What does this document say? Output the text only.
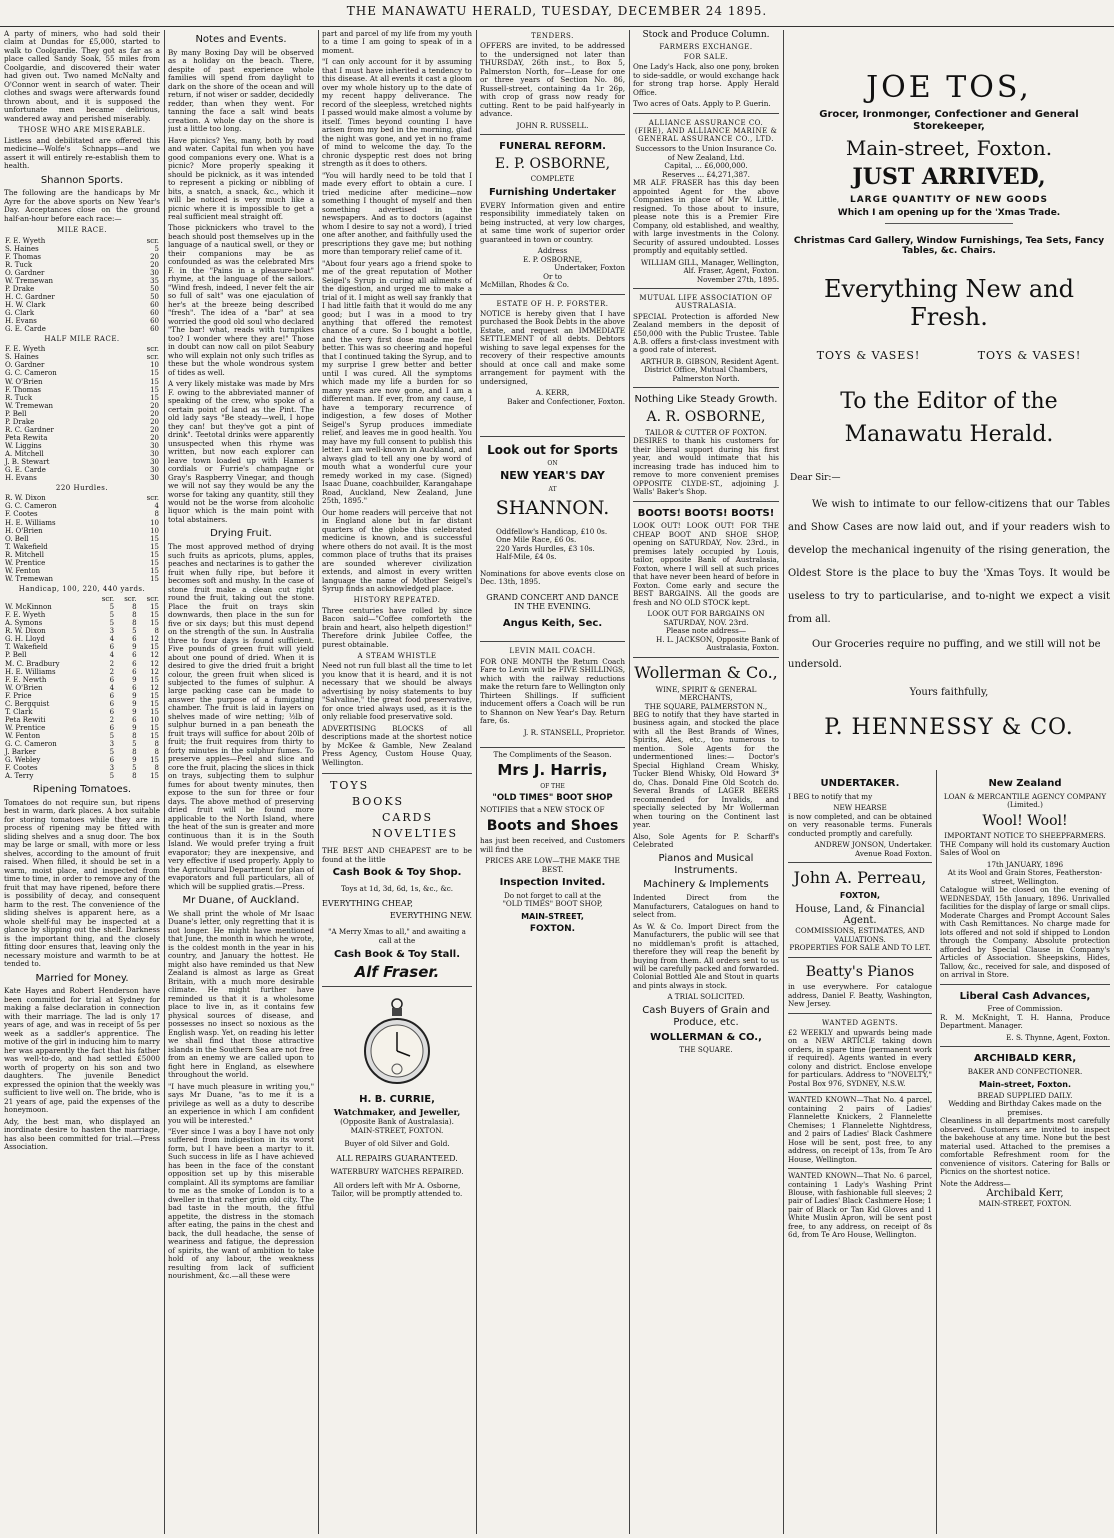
THE MANAWATU HERALD, TUESDAY, DECEMBER 24 1895.

A party of miners, who had sold their claim at Dundas for £5,000, started to walk to Coolgardie. They got as far as a place called Sandy Soak, 55 miles from Coolgardie, and discovered their water had given out. Two named McNalty and O'Connor went in search of water. Their clothes and swags were afterwards found thrown about, and it is supposed the unfortunate men became delirious, wandered away and perished miserably.

THOSE WHO ARE MISERABLE.

Listless and debilitated are offered this medicine—Wolfe's Schnapps—and we assert it will entirely re-establish them to health.

Shannon Sports.

The following are the handicaps by Mr Ayre for the above sports on New Year's Day. Acceptances close on the ground half-an-hour before each race:—

MILE RACE.
F. E. Wyeth	scr.
S. Haines	5
F. Thomas	20
R. Tuck	20
O. Gardner	30
W. Tremewan	35
P. Drake	50
H. C. Gardner	50
H. W. Clark	60
G. Clark	60
H. Evans	60
G. E. Carde	60
HALF MILE RACE.
F. E. Wyeth	scr.
S. Haines	scr.
O. Gardner	10
G. C. Cameron	15
W. O'Brien	15
F. Thomas	15
R. Tuck	15
W. Tremewan	20
P. Bell	20
P. Drake	20
R. C. Gardner	20
Peta Rewita	20
W. Liggins	30
A. Mitchell	30
J. B. Stewart	30
G. E. Carde	30
H. Evans	30
220 Hurdles.
R. W. Dixon	scr.
G. C. Cameron	4
F. Cootes	8
H. E. Williams	10
H. O'Brien	10
O. Bell	15
T. Wakefield	15
R. Mitchell	15
W. Prentice	15
W. Fenton	15
W. Tremewan	15
Handicap, 100, 220, 440 yards.
	scr.	scr.	scr.
W. McKinnon	5	8	15
F. E. Wyeth	5	8	15
A. Symons	5	8	15
R. W. Dixon	3	5	8
G. H. Lloyd	4	6	12
T. Wakefield	6	9	15
P. Bell	4	6	12
M. C. Bradbury	2	6	12
H. E. Williams	2	6	12
F. E. Newth	6	9	15
W. O'Brien	4	6	12
F. Price	6	9	15
C. Bergquist	6	9	15
T. Clark	6	9	15
Peta Rewiti	2	6	10
W. Prentice	6	9	15
W. Fenton	5	8	15
G. C. Cameron	3	5	8
J. Barker	5	8	8
G. Webley	6	9	15
F. Cootes	3	5	8
A. Terry	5	8	15
Ripening Tomatoes.

Tomatoes do not require sun, but ripens best in warm, dark places. A box suitable for storing tomatoes while they are in process of ripening may be fitted with sliding shelves and a snug door. The box may be large or small, with more or less shelves, according to the amount of fruit raised. When filled, it should be set in a warm, moist place, and inspected from time to time, in order to remove any of the fruit that may have ripened, before there is possibility of decay, and consequent harm to the rest. The convenience of the sliding shelves is apparent here, as a whole shelf-ful may be inspected at a glance by slipping out the shelf. Darkness is the important thing, and the closely fitting door ensures that, leaving only the necessary moisture and warmth to be at tended to.

Married for Money.

Kate Hayes and Robert Henderson have been committed for trial at Sydney for making a false declaration in connection with their marriage. The lad is only 17 years of age, and was in receipt of 5s per week as a saddler's apprentice. The motive of the girl in inducing him to marry her was apparently the fact that his father was well-to-do, and had settled £5000 worth of property on his son and two daughters. The juvenile Benedict expressed the opinion that the weekly was sufficient to live well on. The bride, who is 21 years of age, paid the expenses of the honeymoon.

Ady, the best man, who displayed an inordinate desire to hasten the marriage, has also been committed for trial.—Press Association.

Notes and Events.

By many Boxing Day will be observed as a holiday on the beach. There, despite of past experience whole families will spend from daylight to dark on the shore of the ocean and will return, if not wiser or sadder, decidedly redder, than when they went. For tanning the face a salt wind beats creation. A whole day on the shore is just a little too long.

Have picnics? Yes, many, both by road and water. Capital fun when you have good companions every one. What is a picnic? More properly speaking it should be picknick, as it was intended to represent a picking or nibbling of bits, a snatch, a snack, &c., which it will be noticed is very much like a picnic where it is impossible to get a real sufficient meal straight off.

Those picknickers who travel to the beach should post themselves up in the language of a nautical swell, or they or their companions may be as confounded as was the celebrated Mrs F. in the "Pains in a pleasure-boat" rhyme, at the language of the sailors. "Wind fresh, indeed, I never felt the air so full of salt" was one ejaculation of her's at the breeze being described "fresh". The idea of a "bar" at sea worried the good old soul who declared "The bar! what, reads with turnpikes too? I wonder where they are!" Those in doubt can now call on pilot Seabury who will explain not only such trifles as these but the whole wondrous system of tides as well.

A very likely mistake was made by Mrs F. owing to the abbreviated manner of speaking of the crew, who spoke of a certain point of land as the Pint. The old lady says "Be steady—well, I hope they can! but they've got a pint of drink". Teetotal drinks were apparently unsuspected when this rhyme was written, but now each explorer can leave town loaded up with Hamer's cordials or Furrie's champagne or Gray's Raspberry Vinegar, and though we will not say they would be any the worse for taking any quantity, still they would not be the worse from alcoholic liquor which is the main point with total abstainers.

Drying Fruit.

The most approved method of drying such fruits as apricots, plums, apples, peaches and nectarines is to gather the fruit when fully ripe, but before it becomes soft and mushy. In the case of stone fruit make a clean cut right round the fruit, taking out the stone. Place the fruit on trays skin downwards, then place in the sun for five or six days; but this must depend on the strength of the sun. In Australia three to four days is found sufficient. Five pounds of green fruit will yield about one pound of dried. When it is desired to give the dried fruit a bright colour, the green fruit when sliced is subjected to the fumes of sulphur. A large packing case can be made to answer the purpose of a fumigating chamber. The fruit is laid in layers on shelves made of wire netting; ½lb of sulphur burned in a pan beneath the fruit trays will suffice for about 20lb of fruit; the fruit requires from thirty to forty minutes in the sulphur fumes. To preserve apples—Peel and slice and core the fruit, placing the slices in thick on trays, subjecting them to sulphur fumes for about twenty minutes, then expose to the sun for three or four days. The above method of preserving dried fruit will be found more applicable to the North Island, where the heat of the sun is greater and more continuous than it is in the South Island. We would prefer trying a fruit evaporator; they are inexpensive, and very effective if used properly. Apply to the Agricultural Department for plan of evaporators and full particulars, all of which will be supplied gratis.—Press.

Mr Duane, of Auckland.

We shall print the whole of Mr Isaac Duane's letter, only regretting that it is not longer. He might have mentioned that June, the month in which he wrote, is the coldest month in the year in his country, and January the hottest. He might also have reminded us that New Zealand is almost as large as Great Britain, with a much more desirable climate. He might further have reminded us that it is a wholesome place to live in, as it contains few physical sources of disease, and possesses no insect so noxious as the English wasp. Yet, on reading his letter we shall find that those attractive islands in the Southern Sea are not free from an enemy we are called upon to fight here in England, as elsewhere throughout the world.

"I have much pleasure in writing you," says Mr Duane, "as to me it is a privilege as well as a duty to describe an experience in which I am confident you will be interested."

"Ever since I was a boy I have not only suffered from indigestion in its worst form, but I have been a martyr to it. Such success in life as I have achieved has been in the face of the constant opposition set up by this miserable complaint. All its symptoms are familiar to me as the smoke of London is to a dweller in that rather grim old city. The bad taste in the mouth, the fitful appetite, the distress in the stomach after eating, the pains in the chest and back, the dull headache, the sense of weariness and fatigue, the depression of spirits, the want of ambition to take hold of any labour, the weakness resulting from lack of sufficient nourishment, &c.—all these were

part and parcel of my life from my youth to a time I am going to speak of in a moment.

"I can only account for it by assuming that I must have inherited a tendency to this disease. At all events it cast a gloom over my whole history up to the date of my recent happy deliverance. The record of the sleepless, wretched nights I passed would make almost a volume by itself. Times beyond counting I have arisen from my bed in the morning, glad the night was gone, and yet in no frame of mind to welcome the day. To the chronic dyspeptic rest does not bring strength as it does to others.

"You will hardly need to be told that I made every effort to obtain a cure. I tried medicine after medicine—now something I thought of myself and then something advertised in the newspapers. And as to doctors (against whom I desire to say not a word), I tried one after another, and faithfully used the prescriptions they gave me; but nothing more than temporary relief came of it.

"About four years ago a friend spoke to me of the great reputation of Mother Seigel's Syrup in curing all ailments of the digestion, and urged me to make a trial of it. I might as well say frankly that I had little faith that it would do me any good; but I was in a mood to try anything that offered the remotest chance of a cure. So I bought a bottle, and the very first dose made me feel better. This was so cheering and hopeful that I continued taking the Syrup, and to my surprise I grew better and better until I was cured. All the symptoms which made my life a burden for so many years are now gone, and I am a different man. If ever, from any cause, I have a temporary recurrence of indigestion, a few doses of Mother Seigel's Syrup produces immediate relief, and leaves me in good health. You may have my full consent to publish this letter. I am well-known in Auckland, and always glad to tell any one by word of mouth what a wonderful cure your remedy worked in my case. (Signed) Isaac Duane, coachbuilder, Karangahape Road, Auckland, New Zealand, June 25th, 1895."

Our home readers will perceive that not in England alone but in far distant quarters of the globe this celebrated medicine is known, and is successful where others do not avail. It is the most common place of truths that its praises are sounded wherever civilization extends, and almost in every written language the name of Mother Seigel's Syrup finds an acknowledged place.

HISTORY REPEATED.

Three centuries have rolled by since Bacon said—"Coffee comforteth the brain and heart, also helpeth digestion!" Therefore drink Jubilee Coffee, the purest obtainable.

A STEAM WHISTLE

Need not run full blast all the time to let you know that it is heard, and it is not necessary that we should be always advertising by noisy statements to buy "Salvaline," the great food preservative, for once tried always used, as it is the only reliable food preservative sold.

ADVERTISING BLOCKS of all descriptions made at the shortest notice by McKee & Gamble, New Zealand Press Agency, Custom House Quay, Wellington.

TOYS
BOOKS
CARDS
NOVELTIES

THE BEST AND CHEAPEST are to be found at the little

Cash Book & Toy Shop.
Toys at 1d, 3d, 6d, 1s, &c., &c.
EVERYTHING CHEAP,
EVERYTHING NEW.
"A Merry Xmas to all," and awaiting a call at the
Cash Book & Toy Stall.
Alf Fraser.
H. B. CURRIE,
Watchmaker, and Jeweller,
(Opposite Bank of Australasia).
MAIN-STREET, FOXTON.
Buyer of old Silver and Gold.
ALL REPAIRS GUARANTEED.
WATERBURY WATCHES REPAIRED.
All orders left with Mr A. Osborne, Tailor, will be promptly attended to.
TENDERS.

OFFERS are invited, to be addressed to the undersigned not later than THURSDAY, 26th inst., to Box 5, Palmerston North, for—Lease for one or three years of Section No. 86, Russell-street, containing 4a 1r 26p, with crop of grass now ready for cutting. Rent to be paid half-yearly in advance.

JOHN R. RUSSELL.
FUNERAL REFORM.
E. P. OSBORNE,
COMPLETE
Furnishing Undertaker

EVERY Information given and entire responsibility immediately taken on being instructed, at very low charges, at same time work of superior order guaranteed in town or country.

Address
E. P. OSBORNE,
Undertaker, Foxton
Or to
McMillan, Rhodes & Co.
ESTATE OF H. P. FORSTER.

NOTICE is hereby given that I have purchased the Book Debts in the above Estate, and request an IMMEDIATE SETTLEMENT of all debts. Debtors wishing to save legal expenses for the recovery of their respective amounts should at once call and make some arrangement for payment with the undersigned,

A. KERR,
Baker and Confectioner, Foxton.
Look out for Sports
ON
NEW YEAR'S DAY
AT
SHANNON.
Oddfellow's Handicap, £10 0s.
One Mile Race, £6 0s.
220 Yards Hurdles, £3 10s.
Half-Mile, £4 0s.

Nominations for above events close on Dec. 13th, 1895.

GRAND CONCERT AND DANCE IN THE EVENING.
Angus Keith, Sec.
LEVIN MAIL COACH.

FOR ONE MONTH the Return Coach Fare to Levin will be FIVE SHILLINGS, which with the railway reductions make the return fare to Wellington only Thirteen Shillings. If sufficient inducement offers a Coach will be run to Shannon on New Year's Day. Return fare, 6s.

J. R. STANSELL, Proprietor.
The Compliments of the Season.
Mrs J. Harris,
OF THE
"OLD TIMES" BOOT SHOP

NOTIFIES that a NEW STOCK OF

Boots and Shoes

has just been received, and Customers will find the

PRICES ARE LOW—THE MAKE THE BEST.
Inspection Invited.
Do not forget to call at the
"OLD TIMES" BOOT SHOP,
MAIN-STREET,
FOXTON.
Stock and Produce Column.
FARMERS EXCHANGE.
FOR SALE.

One Lady's Hack, also one pony, broken to side-saddle, or would exchange hack for strong trap horse. Apply Herald Office.

Two acres of Oats. Apply to P. Guerin.

ALLIANCE ASSURANCE CO. (FIRE), AND ALLIANCE MARINE & GENERAL ASSURANCE CO., LTD.
Successors to the Union Insurance Co. of New Zealand, Ltd.
Capital, ... £6,000,000.
Reserves ... £4,271,387.

MR ALF. FRASER has this day been appointed Agent for the above Companies in place of Mr W. Little, resigned. To those about to insure, please note this is a Premier Fire Company, old established, and wealthy, with large investments in the Colony. Security of assured undoubted. Losses promptly and equitably settled.

WILLIAM GILL, Manager, Wellington,
Alf. Fraser, Agent, Foxton.
November 27th, 1895.
MUTUAL LIFE ASSOCIATION OF AUSTRALASIA.

SPECIAL Protection is afforded New Zealand members in the deposit of £50,000 with the Public Trustee. Table A.B. offers a first-class investment with a good rate of interest.

ARTHUR B. GIBSON, Resident Agent.
District Office, Mutual Chambers, Palmerston North.
Nothing Like Steady Growth.
A. R. OSBORNE,
TAILOR & CUTTER OF FOXTON.

DESIRES to thank his customers for their liberal support during his first year, and would intimate that his increasing trade has induced him to remove to more convenient premises OPPOSITE CLYDE-ST., adjoining J. Walls' Baker's Shop.

BOOTS! BOOTS! BOOTS!

LOOK OUT! LOOK OUT! FOR THE CHEAP BOOT AND SHOE SHOP, opening on SATURDAY, Nov. 23rd., in premises lately occupied by Louis, tailor, opposite Bank of Australasia, Foxton, where I will sell at such prices that have never been heard of before in Foxton. Come early and secure the BEST BARGAINS. All the goods are fresh and NO OLD STOCK kept.

LOOK OUT FOR BARGAINS ON SATURDAY, NOV. 23rd.
Please note address—
H. L. JACKSON, Opposite Bank of Australasia, Foxton.
Wollerman & Co.,
WINE, SPIRIT & GENERAL MERCHANTS,
THE SQUARE, PALMERSTON N.,

BEG to notify that they have started in business again, and stocked the place with all the Best Brands of Wines, Spirits, Ales, etc., too numerous to mention. Sole Agents for the undermentioned lines:— Doctor's Special Highland Cream Whisky, Tucker Blend Whisky, Old Howard 3* do, Chas. Donald Fine Old Scotch do. Several Brands of LAGER BEERS recommended for Invalids, and specially selected by Mr Wollerman when touring on the Continent last year.

Also, Sole Agents for P. Scharff's Celebrated

Pianos and Musical Instruments.
Machinery & Implements

Indented Direct from the Manufacturers, Catalogues on hand to select from.

As W. & Co. Import Direct from the Manufacturers, the public will see that no middleman's profit is attached, therefore they will reap the benefit by buying from them. All orders sent to us will be carefully packed and forwarded. Colonial Bottled Ale and Stout in quarts and pints always in stock.

A TRIAL SOLICITED.
Cash Buyers of Grain and Produce, etc.
WOLLERMAN & CO.,
THE SQUARE.
JOE TOS,
Grocer, Ironmonger, Confectioner and General Storekeeper,
Main-street, Foxton.
JUST ARRIVED,
LARGE QUANTITY OF NEW GOODS
Which I am opening up for the 'Xmas Trade.
Christmas Card Gallery, Window Furnishings, Tea Sets, Fancy Tables, &c. Chairs.
Everything New and Fresh.
TOYS & VASES!	TOYS & VASES!
To the Editor of the Manawatu Herald.
Dear Sir:—
We wish to intimate to our fellow-citizens that our Tables and Show Cases are now laid out, and if your readers wish to develop the mechanical ingenuity of the rising generation, the Oldest Store is the place to buy the 'Xmas Toys. It would be useless to try to particularise, and to-night we expect a visit from all.
Our Groceries require no puffing, and we still will not be undersold.
Yours faithfully,
P. HENNESSY & CO.
UNDERTAKER.

I BEG to notify that my

NEW HEARSE

is now completed, and can be obtained on very reasonable terms. Funerals conducted promptly and carefully.

ANDREW JONSON, Undertaker. Avenue Road Foxton.
John A. Perreau,
FOXTON,
House, Land, & Financial Agent.
COMMISSIONS, ESTIMATES, AND VALUATIONS.
PROPERTIES FOR SALE AND TO LET.
Beatty's Pianos

in use everywhere. For catalogue address, Daniel F. Beatty, Washington, New Jersey.

WANTED AGENTS.

£2 WEEKLY and upwards being made on a NEW ARTICLE taking down orders, in spare time (permanent work if required). Agents wanted in every colony and district. Enclose envelope for particulars. Address to "NOVELTY," Postal Box 976, SYDNEY, N.S.W.

WANTED KNOWN—That No. 4 parcel, containing 2 pairs of Ladies' Flannelette Knickers, 2 Flannelette Chemises; 1 Flannelette Nightdress, and 2 pairs of Ladies' Black Cashmere Hose will be sent, post free, to any address, on receipt of 13s, from Te Aro House, Wellington.

WANTED KNOWN—That No. 6 parcel, containing 1 Lady's Washing Print Blouse, with fashionable full sleeves; 2 pair of Ladies' Black Cashmere Hose; 1 pair of Black or Tan Kid Gloves and 1 White Muslin Apron, will be sent post free, to any address, on receipt of 8s 6d, from Te Aro House, Wellington.

New Zealand
LOAN & MERCANTILE AGENCY COMPANY (Limited.)
Wool! Wool!
IMPORTANT NOTICE TO SHEEPFARMERS.

THE Company will hold its customary Auction Sales of Wool on

17th JANUARY, 1896
At its Wool and Grain Stores, Featherston-street, Wellington.

Catalogue will be closed on the evening of WEDNESDAY, 15th January, 1896. Unrivalled facilities for the display of large or small clips. Moderate Charges and Prompt Account Sales with Cash Remittances. No charge made for lots offered and not sold if shipped to London through the Company. Absolute protection afforded by Special Clause in Company's Articles of Association. Sheepskins, Hides, Tallow, &c., received for sale, and disposed of on arrival in Store.

Liberal Cash Advances,
Free of Commission.

R. M. McKnight, T. H. Hanna, Produce Department. Manager.

E. S. Thynne, Agent, Foxton.
ARCHIBALD KERR,
BAKER AND CONFECTIONER.
Main-street, Foxton.
BREAD SUPPLIED DAILY.
Wedding and Birthday Cakes made on the premises.

Cleanliness in all departments most carefully observed. Customers are invited to inspect the bakehouse at any time. None but the best material used. Attached to the premises a comfortable Refreshment room for the convenience of visitors. Catering for Balls or Picnics on the shortest notice.

Note the Address—
Archibald Kerr,
MAIN-STREET, FOXTON.
